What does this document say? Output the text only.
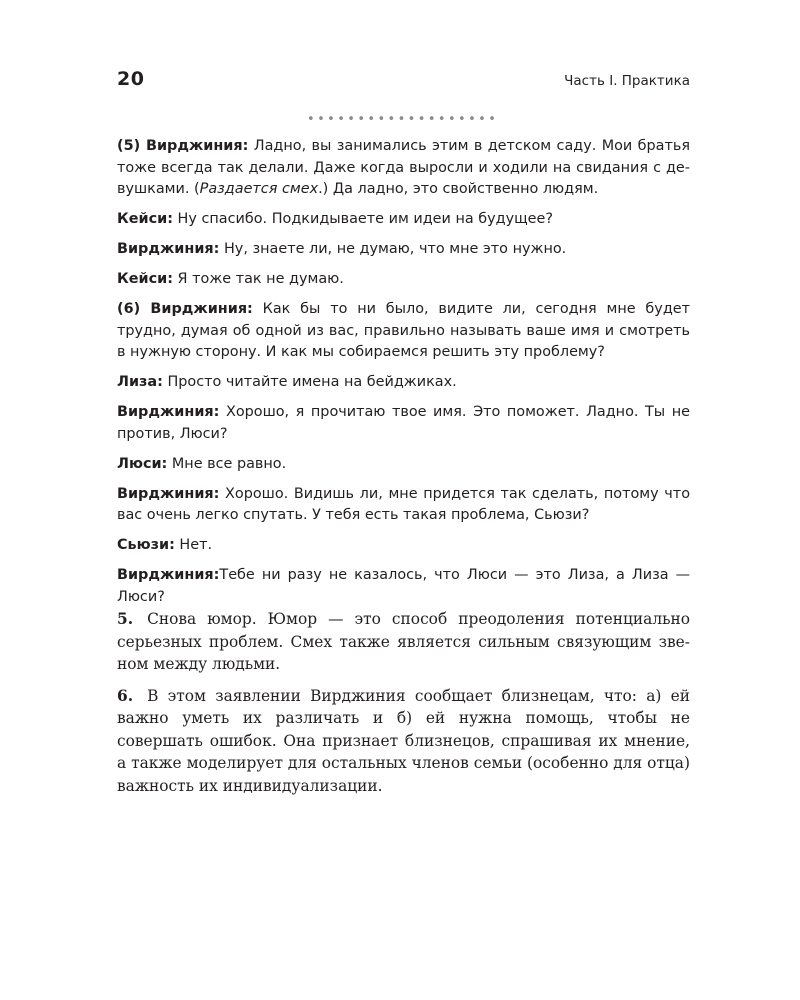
20	Часть I. Практика
•••••••••••••••••••

(5) Вирджиния: Ладно, вы занимались этим в детском саду. Мои братья тоже всегда так делали. Даже когда выросли и ходили на свидания с девушками. (Раздается смех.) Да ладно, это свойственно людям.

Кейси: Ну спасибо. Подкидываете им идеи на будущее?

Вирджиния: Ну, знаете ли, не думаю, что мне это нужно.

Кейси: Я тоже так не думаю.

(6) Вирджиния: Как бы то ни было, видите ли, сегодня мне будет трудно, думая об одной из вас, правильно называть ваше имя и смотреть в нужную сторону. И как мы собираемся решить эту проблему?

Лиза: Просто читайте имена на бейджиках.

Вирджиния: Хорошо, я прочитаю твое имя. Это поможет. Ладно. Ты не против, Люси?

Люси: Мне все равно.

Вирджиния: Хорошо. Видишь ли, мне придется так сделать, потому что вас очень легко спутать. У тебя есть такая проблема, Сьюзи?

Сьюзи: Нет.

Вирджиния:Тебе ни разу не казалось, что Люси — это Лиза, а Лиза —Люси?

5. Снова юмор. Юмор — это способ преодоления потенциально серьезных проблем. Смех также является сильным связующим звеном между людьми.

6. В этом заявлении Вирджиния сообщает близнецам, что: а) ей важно уметь их различать и б) ей нужна помощь, чтобы не совершать ошибок. Она признает близнецов, спрашивая их мнение, а также моделирует для остальных членов семьи (особенно для отца) важность их индивидуализации.
